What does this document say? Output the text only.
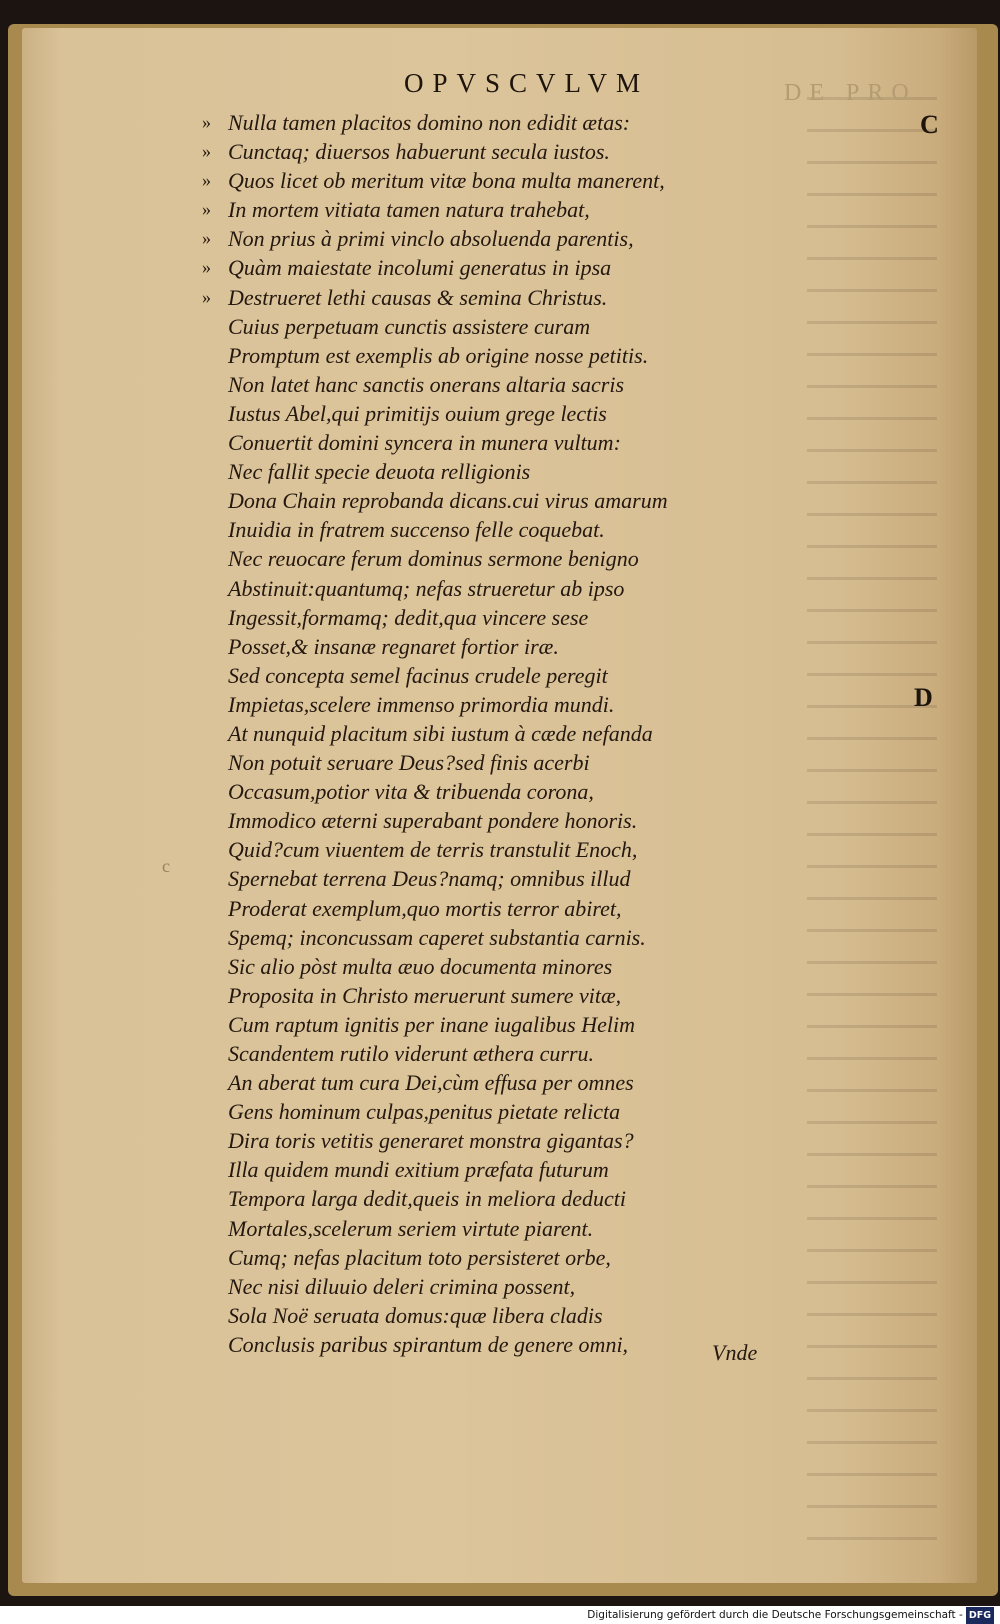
OPVSCVLVM	DE PRO
C
D
c
» Nulla tamen placitos domino non edidit ætas:
» Cunctaq; diuersos habuerunt secula iustos.
» Quos licet ob meritum vitæ bona multa manerent,
» In mortem vitiata tamen natura trahebat,
» Non prius à primi vinclo absoluenda parentis,
» Quàm maiestate incolumi generatus in ipsa
» Destrueret lethi causas & semina Christus.
Cuius perpetuam cunctis assistere curam
Promptum est exemplis ab origine nosse petitis.
Non latet hanc sanctis onerans altaria sacris
Iustus Abel,qui primitijs ouium grege lectis
Conuertit domini syncera in munera vultum:
Nec fallit specie deuota relligionis
Dona Chain reprobanda dicans.cui virus amarum
Inuidia in fratrem succenso felle coquebat.
Nec reuocare ferum dominus sermone benigno
Abstinuit:quantumq; nefas strueretur ab ipso
Ingessit,formamq; dedit,qua vincere sese
Posset,& insanæ regnaret fortior iræ.
Sed concepta semel facinus crudele peregit
Impietas,scelere immenso primordia mundi.
At nunquid placitum sibi iustum à cæde nefanda
Non potuit seruare Deus?sed finis acerbi
Occasum,potior vita & tribuenda corona,
Immodico æterni superabant pondere honoris.
Quid?cum viuentem de terris transtulit Enoch,
Spernebat terrena Deus?namq; omnibus illud
Proderat exemplum,quo mortis terror abiret,
Spemq; inconcussam caperet substantia carnis.
Sic alio pòst multa æuo documenta minores
Proposita in Christo meruerunt sumere vitæ,
Cum raptum ignitis per inane iugalibus Helim
Scandentem rutilo viderunt æthera curru.
An aberat tum cura Dei,cùm effusa per omnes
Gens hominum culpas,penitus pietate relicta
Dira toris vetitis generaret monstra gigantas?
Illa quidem mundi exitium præfata futurum
Tempora larga dedit,queis in meliora deducti
Mortales,scelerum seriem virtute piarent.
Cumq; nefas placitum toto persisteret orbe,
Nec nisi diluuio deleri crimina possent,
Sola Noë seruata domus:quæ libera cladis
Conclusis paribus spirantum de genere omni,	Vnde
Digitalisierung gefördert durch die Deutsche Forschungsgemeinschaft - DFG
